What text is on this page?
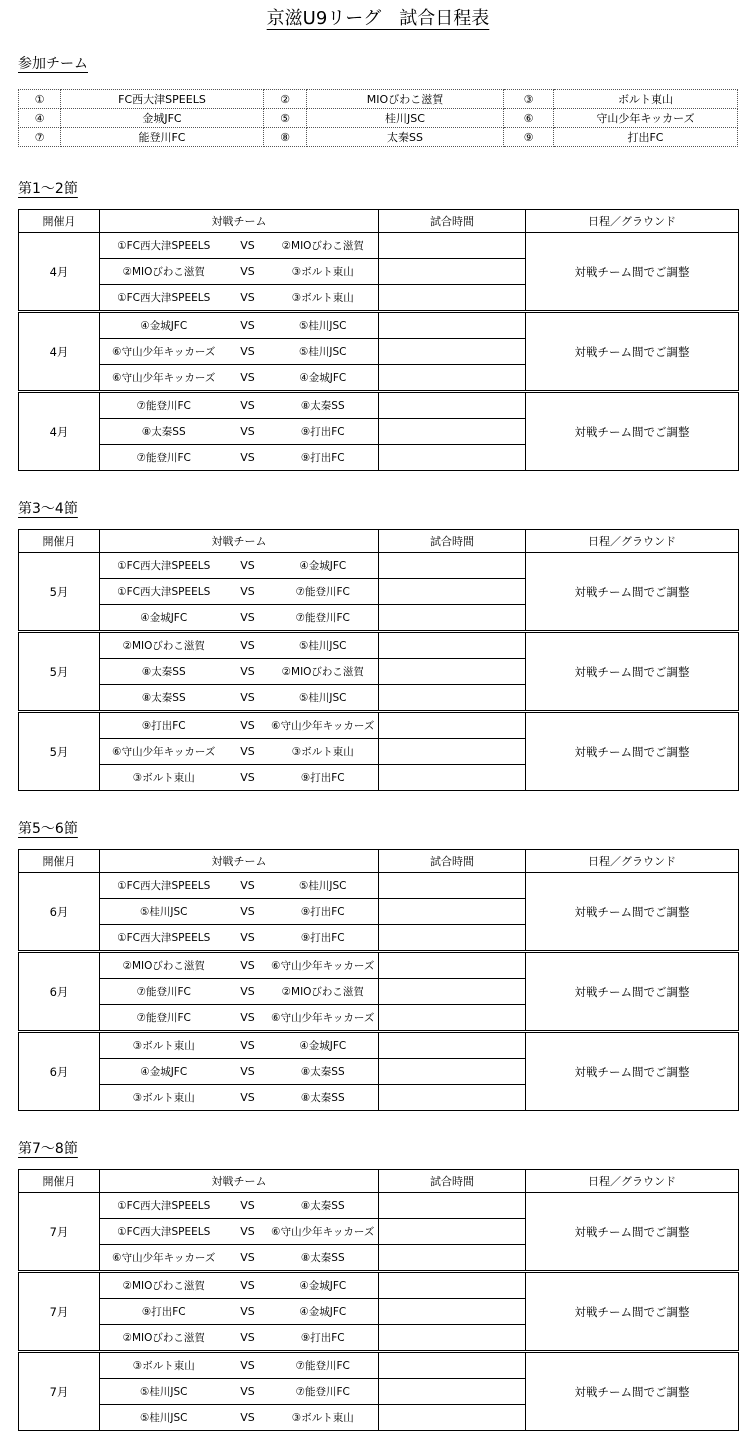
京滋U9リーグ　試合日程表
参加チーム
①	FC西大津SPEELS	②	MIOびわこ滋賀	③	ボルト東山
④	金城JFC	⑤	桂川JSC	⑥	守山少年キッカーズ
⑦	能登川FC	⑧	太秦SS	⑨	打出FC
第1～2節
開催月	対戦チーム			試合時間	日程／グラウンド
4月	①FC西大津SPEELS	VS	②MIOびわこ滋賀		対戦チーム間でご調整
	②MIOびわこ滋賀	VS	③ボルト東山		
	①FC西大津SPEELS	VS	③ボルト東山		
4月	④金城JFC	VS	⑤桂川JSC		対戦チーム間でご調整
	⑥守山少年キッカーズ	VS	⑤桂川JSC		
	⑥守山少年キッカーズ	VS	④金城JFC		
4月	⑦能登川FC	VS	⑧太秦SS		対戦チーム間でご調整
	⑧太秦SS	VS	⑨打出FC		
	⑦能登川FC	VS	⑨打出FC		
第3～4節
開催月	対戦チーム			試合時間	日程／グラウンド
5月	①FC西大津SPEELS	VS	④金城JFC		対戦チーム間でご調整
	①FC西大津SPEELS	VS	⑦能登川FC		
	④金城JFC	VS	⑦能登川FC		
5月	②MIOびわこ滋賀	VS	⑤桂川JSC		対戦チーム間でご調整
	⑧太秦SS	VS	②MIOびわこ滋賀		
	⑧太秦SS	VS	⑤桂川JSC		
5月	⑨打出FC	VS	⑥守山少年キッカーズ		対戦チーム間でご調整
	⑥守山少年キッカーズ	VS	③ボルト東山		
	③ボルト東山	VS	⑨打出FC		
第5～6節
開催月	対戦チーム			試合時間	日程／グラウンド
6月	①FC西大津SPEELS	VS	⑤桂川JSC		対戦チーム間でご調整
	⑤桂川JSC	VS	⑨打出FC		
	①FC西大津SPEELS	VS	⑨打出FC		
6月	②MIOびわこ滋賀	VS	⑥守山少年キッカーズ		対戦チーム間でご調整
	⑦能登川FC	VS	②MIOびわこ滋賀		
	⑦能登川FC	VS	⑥守山少年キッカーズ		
6月	③ボルト東山	VS	④金城JFC		対戦チーム間でご調整
	④金城JFC	VS	⑧太秦SS		
	③ボルト東山	VS	⑧太秦SS		
第7～8節
開催月	対戦チーム			試合時間	日程／グラウンド
7月	①FC西大津SPEELS	VS	⑧太秦SS		対戦チーム間でご調整
	①FC西大津SPEELS	VS	⑥守山少年キッカーズ		
	⑥守山少年キッカーズ	VS	⑧太秦SS		
7月	②MIOびわこ滋賀	VS	④金城JFC		対戦チーム間でご調整
	⑨打出FC	VS	④金城JFC		
	②MIOびわこ滋賀	VS	⑨打出FC		
7月	③ボルト東山	VS	⑦能登川FC		対戦チーム間でご調整
	⑤桂川JSC	VS	⑦能登川FC		
	⑤桂川JSC	VS	③ボルト東山		
